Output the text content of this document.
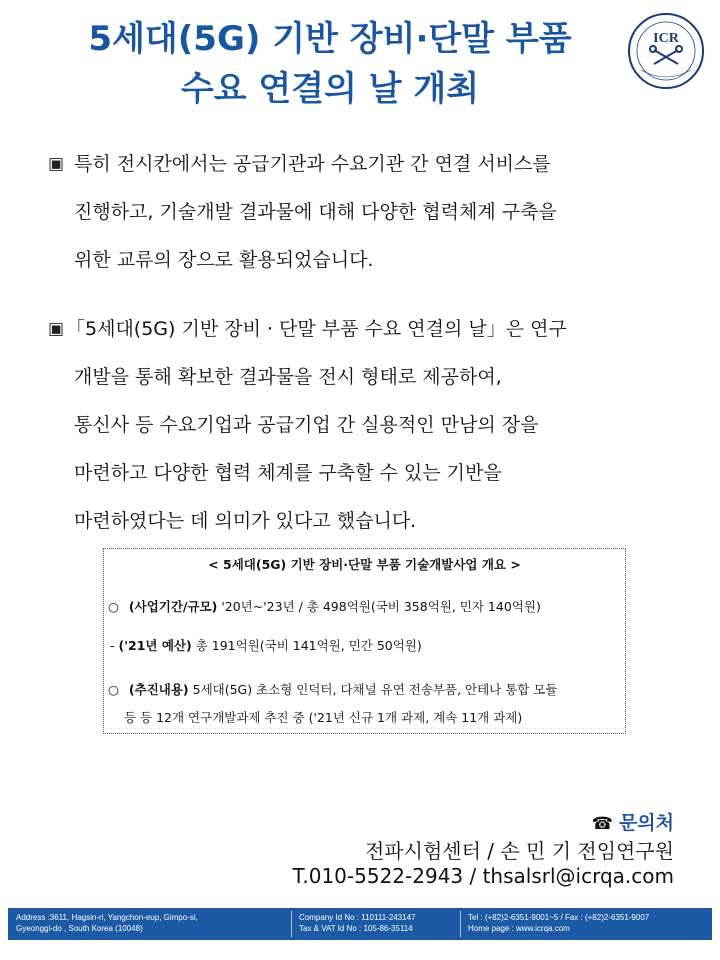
5세대(5G) 기반 장비·단말 부품
수요 연결의 날 개최
ICR
▣ 특히 전시칸에서는 공급기관과 수요기관 간 연결 서비스를
진행하고, 기술개발 결과물에 대해 다양한 협력체계 구축을
위한 교류의 장으로 활용되었습니다.
▣ 「5세대(5G) 기반 장비 · 단말 부품 수요 연결의 날」은 연구
개발을 통해 확보한 결과물을 전시 형태로 제공하여,
통신사 등 수요기업과 공급기업 간 실용적인 만남의 장을
마련하고 다양한 협력 체계를 구축할 수 있는 기반을
마련하였다는 데 의미가 있다고 했습니다.
< 5세대(5G) 기반 장비·단말 부품 기술개발사업 개요 >
○ (사업기간/규모) '20년~'23년 / 총 498억원(국비 358억원, 민자 140억원)
- ('21년 예산) 총 191억원(국비 141억원, 민간 50억원)
○ (추진내용) 5세대(5G) 초소형 인덕터, 다채널 유연 전송부품, 안테나 통합 모듈
등 등 12개 연구개발과제 추진 중 ('21년 신규 1개 과제, 계속 11개 과제)
☎ 문의처
전파시험센터 / 손 민 기 전임연구원
T.010-5522-2943 / thsalsrl@icrqa.com
Address :3611, Hagsin-ri, Yangchon-eup, Gimpo-si,
Gyeonggi-do , South Korea (10048)
Company Id No : 110111-243147
Tax & VAT Id No : 105-86-35114
Tel : (+82)2-6351-9001~5 / Fax : (+82)2-6351-9007
Home page : www.icrqa.com
